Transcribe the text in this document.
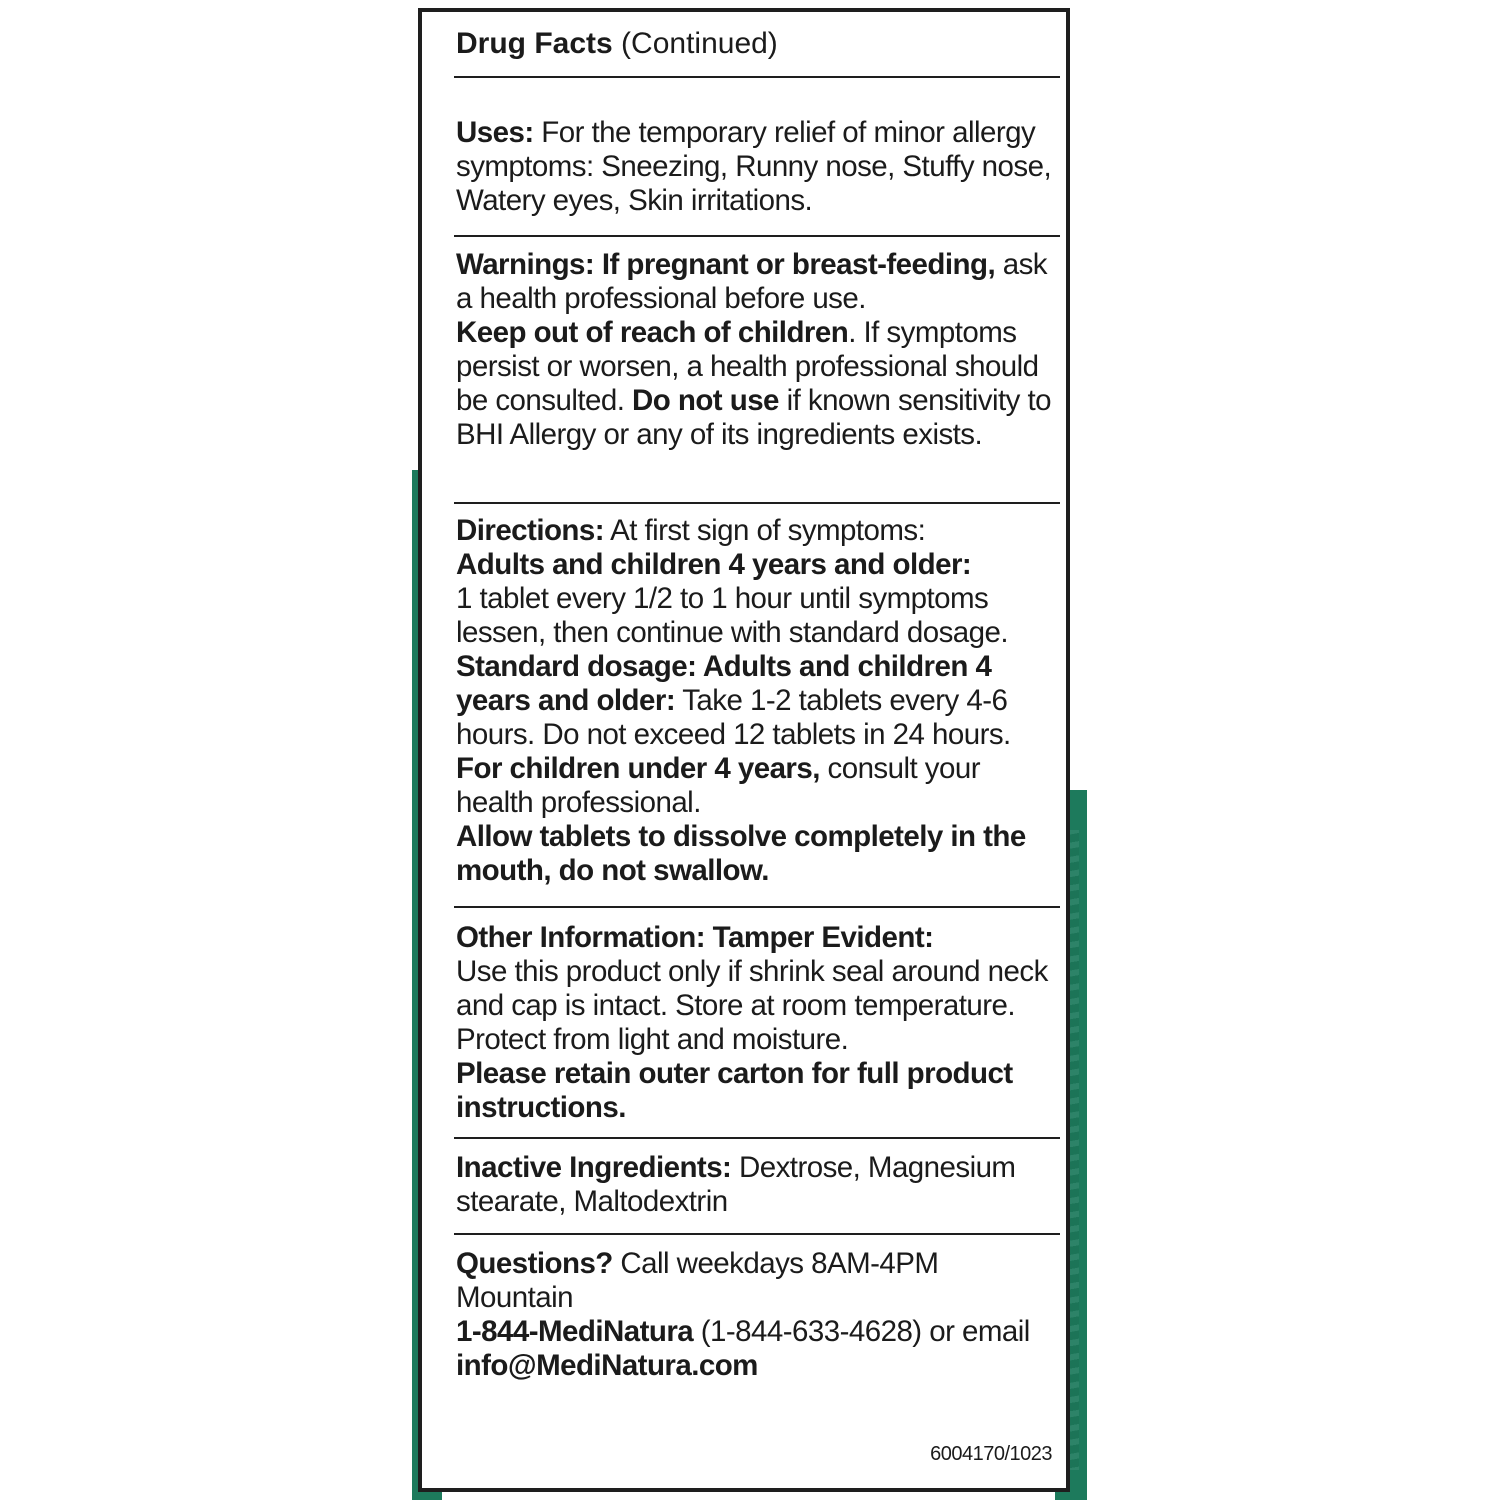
Drug Facts
(Continued)

Uses: For the temporary relief of minor allergy symptoms: Sneezing, Runny nose, Stuffy nose, Watery eyes, Skin irritations.

Warnings: If pregnant or breast-feeding, ask a health professional before use.

Keep out of reach of children. If symptoms persist or worsen, a health professional should be consulted. Do not use if known sensitivity to BHI Allergy or any of its ingredients exists.

Directions: At first sign of symptoms:

Adults and children 4 years and older:

1 tablet every 1/2 to 1 hour until symptoms lessen, then continue with standard dosage.

Standard dosage: Adults and children 4 years and older: Take 1-2 tablets every 4-6 hours. Do not exceed 12 tablets in 24 hours.

For children under 4 years, consult your health professional.

Allow tablets to dissolve completely in the mouth, do not swallow.

Other Information: Tamper Evident:

Use this product only if shrink seal around neck and cap is intact. Store at room temperature. Protect from light and moisture.

Please retain outer carton for full product instructions.

Inactive Ingredients: Dextrose, Magnesium stearate, Maltodextrin

Questions? Call weekdays 8AM-4PM Mountain

1-844-MediNatura (1-844-633-4628) or email info@MediNatura.com

6004170/1023
